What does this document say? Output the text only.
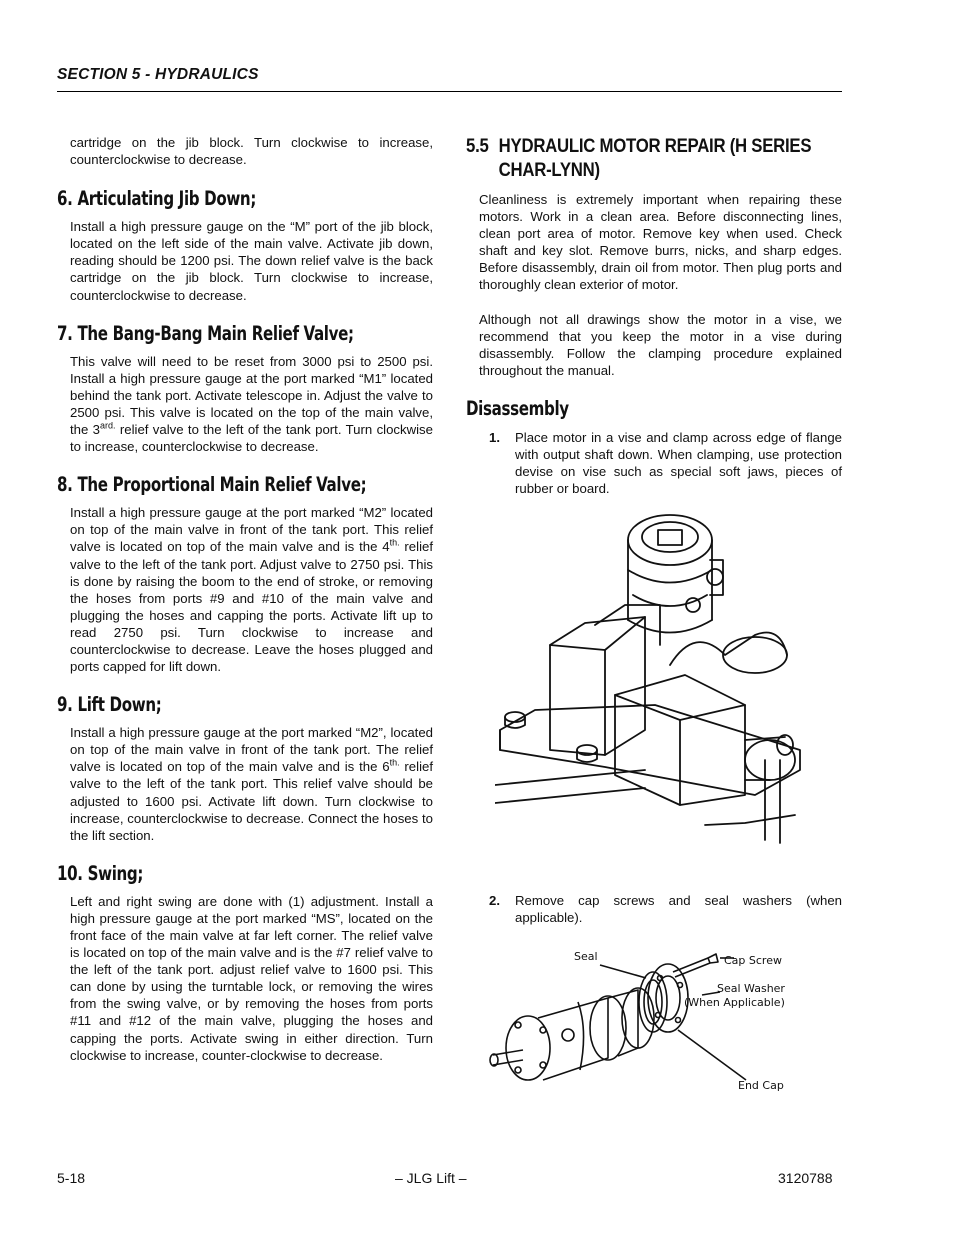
SECTION 5 - HYDRAULICS

cartridge on the jib block. Turn clockwise to increase, counterclockwise to decrease.

6. Articulating Jib Down;

Install a high pressure gauge on the “M” port of the jib block, located on the left side of the main valve. Activate jib down, reading should be 1200 psi. The down relief valve is the back cartridge on the jib block. Turn clockwise to increase, counterclockwise to decrease.

7. The Bang-Bang Main Relief Valve;

This valve will need to be reset from 3000 psi to 2500 psi. Install a high pressure gauge at the port marked “M1” located behind the tank port. Activate telescope in. Adjust the valve to 2500 psi. This valve is located on the top of the main valve, the $3^{ard.}$ relief valve to the left of the tank port. Turn clockwise to increase, counterclockwise to decrease.

8. The Proportional Main Relief Valve;

Install a high pressure gauge at the port marked “M2” located on top of the main valve in front of the tank port. This relief valve is located on top of the main valve and is the $4^{th.}$ relief valve to the left of the tank port. Adjust valve to 2750 psi. This is done by raising the boom to the end of stroke, or removing the hoses from ports #9 and #10 of the main valve and plugging the hoses and capping the ports. Activate lift up to read 2750 psi. Turn clockwise to increase and counterclockwise to decrease. Leave the hoses plugged and ports capped for lift down.

9. Lift Down;

Install a high pressure gauge at the port marked “M2”, located on top of the main valve in front of the tank port. The relief valve is located on top of the main valve and is the $6^{th.}$ relief valve to the left of the tank port. This relief valve should be adjusted to 1600 psi. Activate lift down. Turn clockwise to increase, counterclockwise to decrease. Connect the hoses to the lift section.

10. Swing;

Left and right swing are done with (1) adjustment. Install a high pressure gauge at the port marked “MS”, located on the front face of the main valve at far left corner. The relief valve is located on top of the main valve and is the #7 relief valve to the left of the tank port. adjust relief valve to 1600 psi. This can done by using the turntable lock, or removing the wires from the swing valve, or by removing the hoses from ports #11 and #12 of the main valve, plugging the hoses and capping the ports. Activate swing in either direction. Turn clockwise to increase, counter-clockwise to decrease.

5.5 HYDRAULIC MOTOR REPAIR (H SERIES
CHAR-LYNN)

Cleanliness is extremely important when repairing these motors. Work in a clean area. Before disconnecting lines, clean port area of motor. Remove key when used. Check shaft and key slot. Remove burrs, nicks, and sharp edges. Before disassembly, drain oil from motor. Then plug ports and thoroughly clean exterior of motor.

Although not all drawings show the motor in a vise, we recommend that you keep the motor in a vise during disassembly. Follow the clamping procedure explained throughout the manual.

Disassembly
1.	Place motor in a vise and clamp across edge of flange with output shaft down. When clamping, use protection devise on vise such as special soft jaws, pieces of rubber or board.
2.	Remove cap screws and seal washers (when applicable).
Seal	Cap Screw
Seal Washer
(When Applicable)
End Cap
5-18	– JLG Lift –	3120788
